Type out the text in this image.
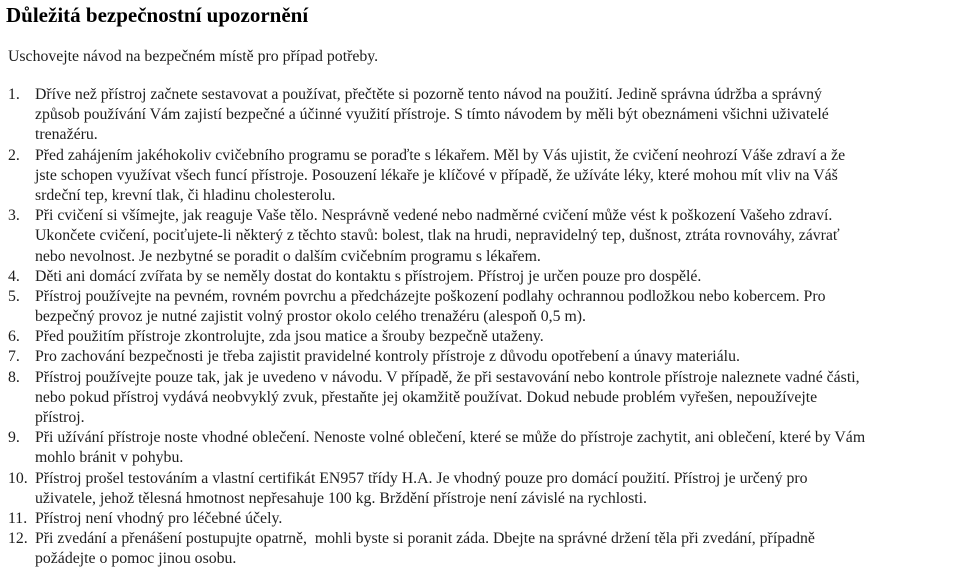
Důležitá bezpečnostní upozornění

Uschovejte návod na bezpečném místě pro případ potřeby.

1. Dříve než přístroj začnete sestavovat a používat, přečtěte si pozorně tento návod na použití. Jedině správna údržba a správný
způsob používání Vám zajistí bezpečné a účinné využití přístroje. S tímto návodem by měli být obeznámeni všichni uživatelé
trenažéru.
2. Před zahájením jakéhokoliv cvičebního programu se poraďte s lékařem. Měl by Vás ujistit, že cvičení neohrozí Váše zdraví a že
jste schopen využívat všech funcí přístroje. Posouzení lékaře je klíčové v případě, že užíváte léky, které mohou mít vliv na Váš
srdeční tep, krevní tlak, či hladinu cholesterolu.
3. Při cvičení si všímejte, jak reaguje Vaše tělo. Nesprávně vedené nebo nadměrné cvičení může vést k poškození Vašeho zdraví.
Ukončete cvičení, pociťujete-li některý z těchto stavů: bolest, tlak na hrudi, nepravidelný tep, dušnost, ztráta rovnováhy, závrať
nebo nevolnost. Je nezbytné se poradit o dalším cvičebním programu s lékařem.
4. Děti ani domácí zvířata by se neměly dostat do kontaktu s přístrojem. Přístroj je určen pouze pro dospělé.
5. Přístroj používejte na pevném, rovném povrchu a předcházejte poškození podlahy ochrannou podložkou nebo kobercem. Pro
bezpečný provoz je nutné zajistit volný prostor okolo celého trenažéru (alespoň 0,5 m).
6. Před použitím přístroje zkontrolujte, zda jsou matice a šrouby bezpečně utaženy.
7. Pro zachování bezpečnosti je třeba zajistit pravidelné kontroly přístroje z důvodu opotřebení a únavy materiálu.
8. Přístroj používejte pouze tak, jak je uvedeno v návodu. V případě, že při sestavování nebo kontrole přístroje naleznete vadné části,
nebo pokud přístroj vydává neobvyklý zvuk, přestaňte jej okamžitě používat. Dokud nebude problém vyřešen, nepoužívejte
přístroj.
9. Při užívání přístroje noste vhodné oblečení. Nenoste volné oblečení, které se může do přístroje zachytit, ani oblečení, které by Vám
mohlo bránit v pohybu.
10. Přístroj prošel testováním a vlastní certifikát EN957 třídy H.A. Je vhodný pouze pro domácí použití. Přístroj je určený pro
uživatele, jehož tělesná hmotnost nepřesahuje 100 kg. Brždění přístroje není závislé na rychlosti.
11. Přístroj není vhodný pro léčebné účely.
12. Při zvedání a přenášení postupujte opatrně,  mohli byste si poranit záda. Dbejte na správné držení těla při zvedání, případně
požádejte o pomoc jinou osobu.
